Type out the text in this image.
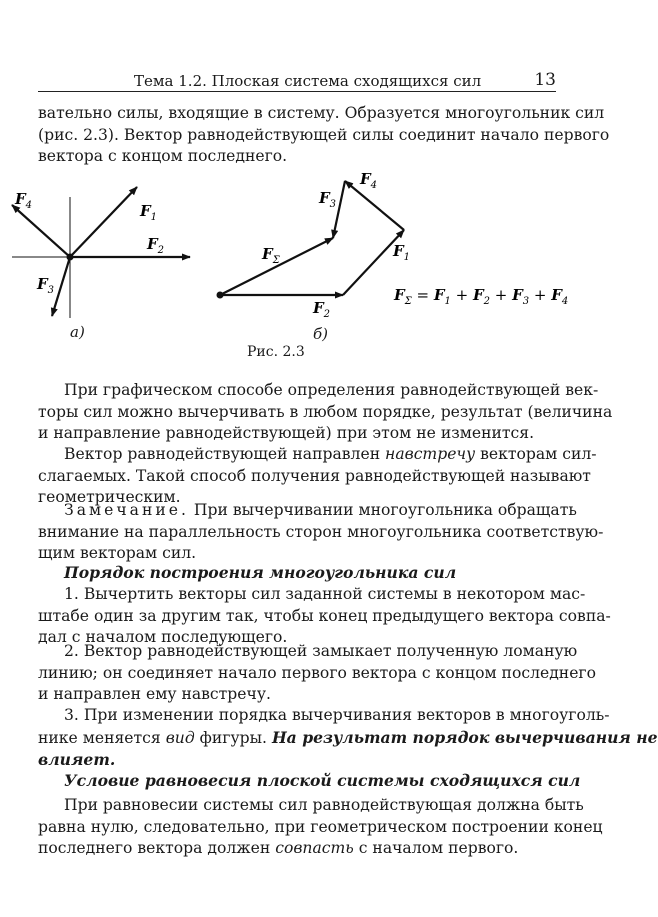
Тема 1.2. Плоская система сходящихся сил	13
вательно силы, входящие в систему. Образуется многоугольник сил
(рис. 2.3). Вектор равнодействующей силы соединит начало первого
вектора с концом последнего.
$F_4$	$F_1$
$F_2$
$F_3$
$F_\Sigma$
$F_2$
$F_1$
$F_4$
$F_3$
$F_\Sigma = F_1 + F_2 + F_3 + F_4$
а)	б)
Рис. 2.3
При графическом способе определения равнодействующей век-
торы сил можно вычерчивать в любом порядке, результат (величина
и направление равнодействующей) при этом не изменится.
Вектор равнодействующей направлен навстречу векторам сил-
слагаемых. Такой способ получения равнодействующей называют
геометрическим.
Замечание. При вычерчивании многоугольника обращать
внимание на параллельность сторон многоугольника соответствую-
щим векторам сил.
Порядок построения многоугольника сил
1. Вычертить векторы сил заданной системы в некотором мас-
штабе один за другим так, чтобы конец предыдущего вектора совпа-
дал с началом последующего.
2. Вектор равнодействующей замыкает полученную ломаную
линию; он соединяет начало первого вектора с концом последнего
и направлен ему навстречу.
3. При изменении порядка вычерчивания векторов в многоуголь-
нике меняется вид фигуры. На результат порядок вычерчивания не
влияет.
Условие равновесия плоской системы сходящихся сил
При равновесии системы сил равнодействующая должна быть
равна нулю, следовательно, при геометрическом построении конец
последнего вектора должен совпасть с началом первого.
